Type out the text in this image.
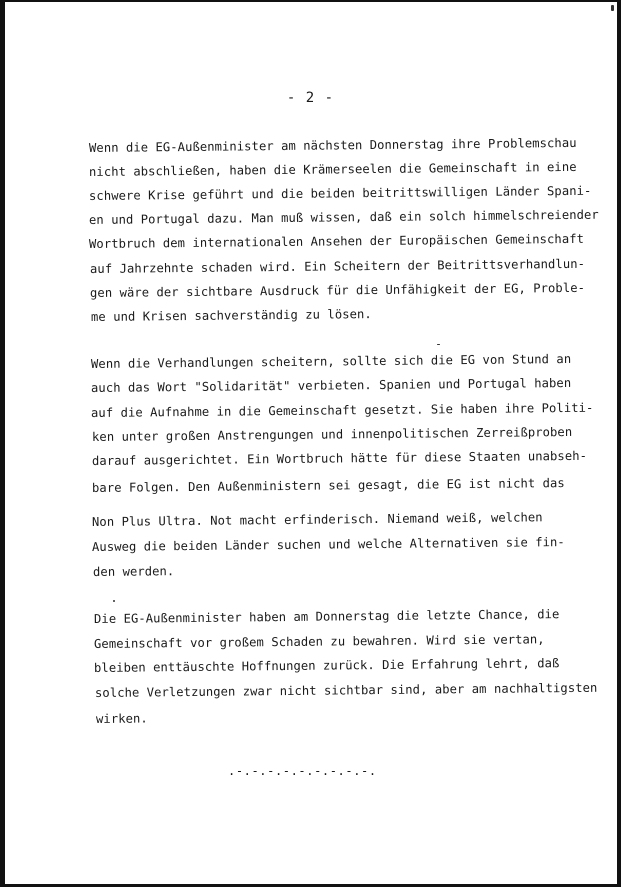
- 2 -
Wenn die EG-Außenminister am nächsten Donnerstag ihre Problemschau
nicht abschließen, haben die Krämerseelen die Gemeinschaft in eine
schwere Krise geführt und die beiden beitrittswilligen Länder Spani-
en und Portugal dazu. Man muß wissen, daß ein solch himmelschreiender
Wortbruch dem internationalen Ansehen der Europäischen Gemeinschaft
auf Jahrzehnte schaden wird. Ein Scheitern der Beitrittsverhandlun-
gen wäre der sichtbare Ausdruck für die Unfähigkeit der EG, Proble-
me und Krisen sachverständig zu lösen.
Wenn die Verhandlungen scheitern, sollte sich die EG von Stund an
auch das Wort "Solidarität" verbieten. Spanien und Portugal haben
auf die Aufnahme in die Gemeinschaft gesetzt. Sie haben ihre Politi-
ken unter großen Anstrengungen und innenpolitischen Zerreißproben
darauf ausgerichtet. Ein Wortbruch hätte für diese Staaten unabseh-
bare Folgen. Den Außenministern sei gesagt, die EG ist nicht das
Non Plus Ultra. Not macht erfinderisch. Niemand weiß, welchen
Ausweg die beiden Länder suchen und welche Alternativen sie fin-
den werden.
Die EG-Außenminister haben am Donnerstag die letzte Chance, die
Gemeinschaft vor großem Schaden zu bewahren. Wird sie vertan,
bleiben enttäuschte Hoffnungen zurück. Die Erfahrung lehrt, daß
solche Verletzungen zwar nicht sichtbar sind, aber am nachhaltigsten
wirken.
.-.-.-.-.-.-.-.-.-.
